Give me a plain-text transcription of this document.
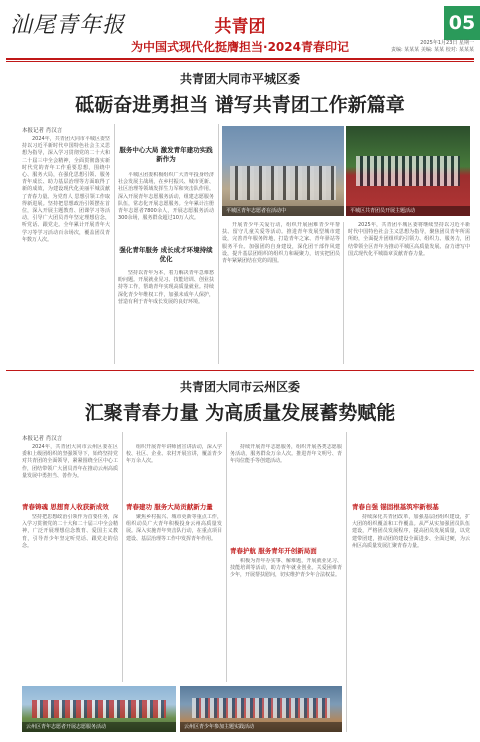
汕尾青年报	共青团	05
为中国式现代化挺膺担当·2024青春印记	2025年1月23日 星期一
责编: 某某某 美编: 某某 校对: 某某某
共青团大同市平城区委
砥砺奋进勇担当 谱写共青团工作新篇章
本报记者 肖汉言

2024年，共青团大同市平城区委坚持以习近平新时代中国特色社会主义思想为指导，深入学习贯彻党的二十大和二十届三中全会精神，全面贯彻落实新时代党的青年工作重要思想，围绕中心、服务大局，在强化思想引领、服务青年成长、助力基层治理等方面取得了新的成效，为建设现代化美丽平城贡献了青春力量。为党育人 思想引领工作取得新进展。坚持把思想政治引领摆在首位，深入开展主题教育、团课学习等活动，引导广大团员青年坚定理想信念，听党话、跟党走。全年累计开展青年大学习等学习活动百余场次，覆盖团员青年数万人次。

服务中心大局 激发青年建功实践新作为

平城区团委积极组织广大青年投身经济社会发展主战场，在乡村振兴、城市更新、社区治理等领域发挥生力军和突击队作用。深入开展青年志愿服务活动，组建志愿服务队伍，常态化开展志愿服务。全年累计注册青年志愿者7800余人，开展志愿服务活动300余场，服务群众超过10万人次。

强化青年服务 成长成才环境持续优化

坚持以青年为本，着力解决青年急难愁盼问题。开展就业见习、技能培训、创业扶持等工作，帮助青年实现高质量就业。持续深化青少年维权工作，加强未成年人保护，营造有利于青年成长发展的良好环境。

平城区青年志愿者在活动中	平城区共青团员开展主题活动

开展青少年关爱行动，组织开展困难青少年帮扶、留守儿童关爱等活动。推进青年发展型城市建设，完善青年服务阵地，打造青年之家、青年驿站等服务平台。加强团的自身建设，深化团干部作风建设，提升基层团组织的组织力和凝聚力，切实把团员青年紧紧团结在党的周围。

2025年，共青团平城区委将继续坚持以习近平新时代中国特色社会主义思想为指导，聚焦团员青年所需所盼，全面提升团组织的引领力、组织力、服务力，团结带领全区青年为推动平城区高质量发展、奋力谱写中国式现代化平城篇章贡献青春力量。

共青团大同市云州区委
汇聚青春力量 为高质量发展蓄势赋能
本报记者 肖汉言

2024年，共青团大同市云州区委在区委和上级团组织的坚强领导下，始终坚持党对共青团的全面领导，紧紧围绕全区中心工作，团结带领广大团员青年在推动云州高质量发展中勇担当、善作为。

青春铸魂 思想育人收获新成效

坚持把思想政治引领作为首要任务，深入学习贯彻党的二十大和二十届三中全会精神，广泛开展理想信念教育、爱国主义教育，引导青少年坚定听党话、跟党走的信念。

组织开展青年讲师团宣讲活动，深入学校、社区、企业、农村开展宣讲，覆盖青少年万余人次。

青春建功 服务大局贡献新力量

聚焦乡村振兴、城市更新等重点工作，组织动员广大青年积极投身云州高质量发展。深入实施青年突击队行动，在重点项目建设、基层治理等工作中发挥青年作用。

持续开展青年志愿服务，组织开展各类志愿服务活动，服务群众万余人次。推进青年文明号、青年岗位能手等创建活动。

青春护航 服务青年开创新局面

积极为青年办实事、解难题，开展就业见习、技能培训等活动，助力青年就业创业。关爱困难青少年，开展帮扶慰问，切实维护青少年合法权益。

青春自强 锚固根基筑牢新根基

持续深化共青团改革，加强基层团组织建设，扩大团的组织覆盖和工作覆盖。从严从实加强团员队伍建设，严格团员发展程序，提高团员发展质量，以党建带团建，推动团的建设全面进步、全面过硬，为云州区高质量发展汇聚青春力量。

云州区青年志愿者开展志愿服务活动	云州区青少年参加主题实践活动
